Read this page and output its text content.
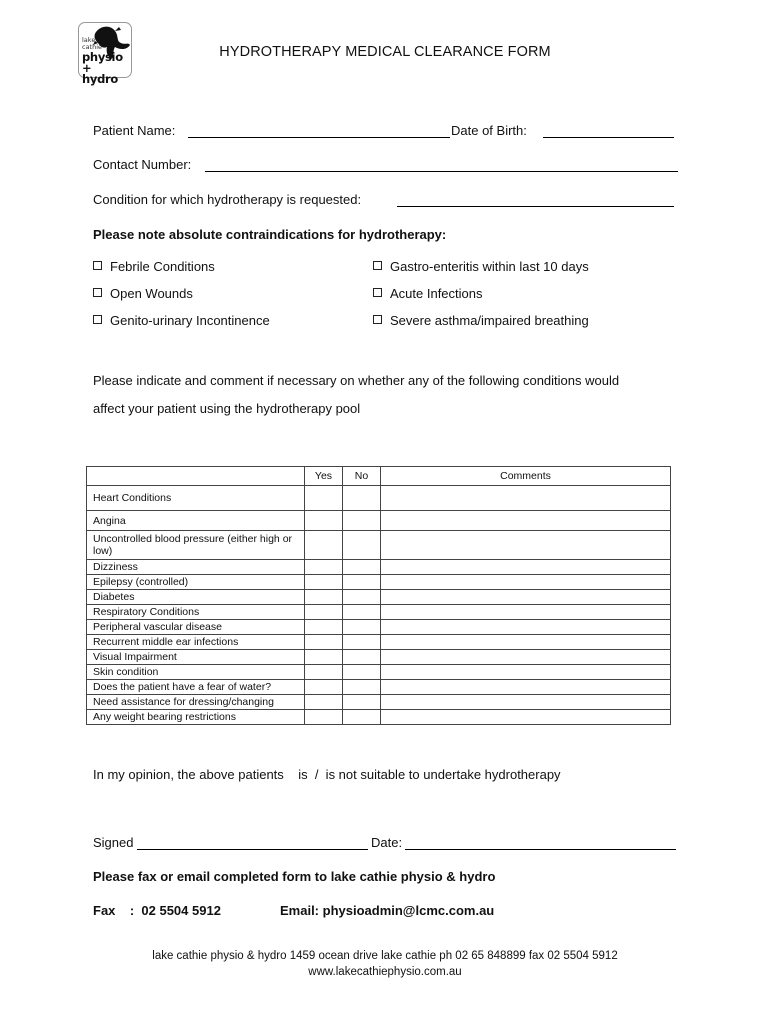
lake
cathie
physio
+ hydro
HYDROTHERAPY MEDICAL CLEARANCE FORM
Patient Name:	Date of Birth:
Contact Number:
Condition for which hydrotherapy is requested:
Please note absolute contraindications for hydrotherapy:
Febrile Conditions	Gastro-enteritis within last 10 days
Open Wounds	Acute Infections
Genito-urinary Incontinence	Severe asthma/impaired breathing
Please indicate and comment if necessary on whether any of the following conditions would
affect your patient using the hydrotherapy pool
	Yes	No	Comments
Heart Conditions			
Angina			
Uncontrolled blood pressure (either high or low)			
Dizziness			
Epilepsy (controlled)			
Diabetes			
Respiratory Conditions			
Peripheral vascular disease			
Recurrent middle ear infections			
Visual Impairment			
Skin condition			
Does the patient have a fear of water?			
Need assistance for dressing/changing			
Any weight bearing restrictions			
In my opinion, the above patients    is  /  is not suitable to undertake hydrotherapy
Signed	Date:
Please fax or email completed form to lake cathie physio & hydro
Fax    :  02 5504 5912	Email: physioadmin@lcmc.com.au
lake cathie physio & hydro 1459 ocean drive lake cathie ph 02 65 848899 fax 02 5504 5912
www.lakecathiephysio.com.au
